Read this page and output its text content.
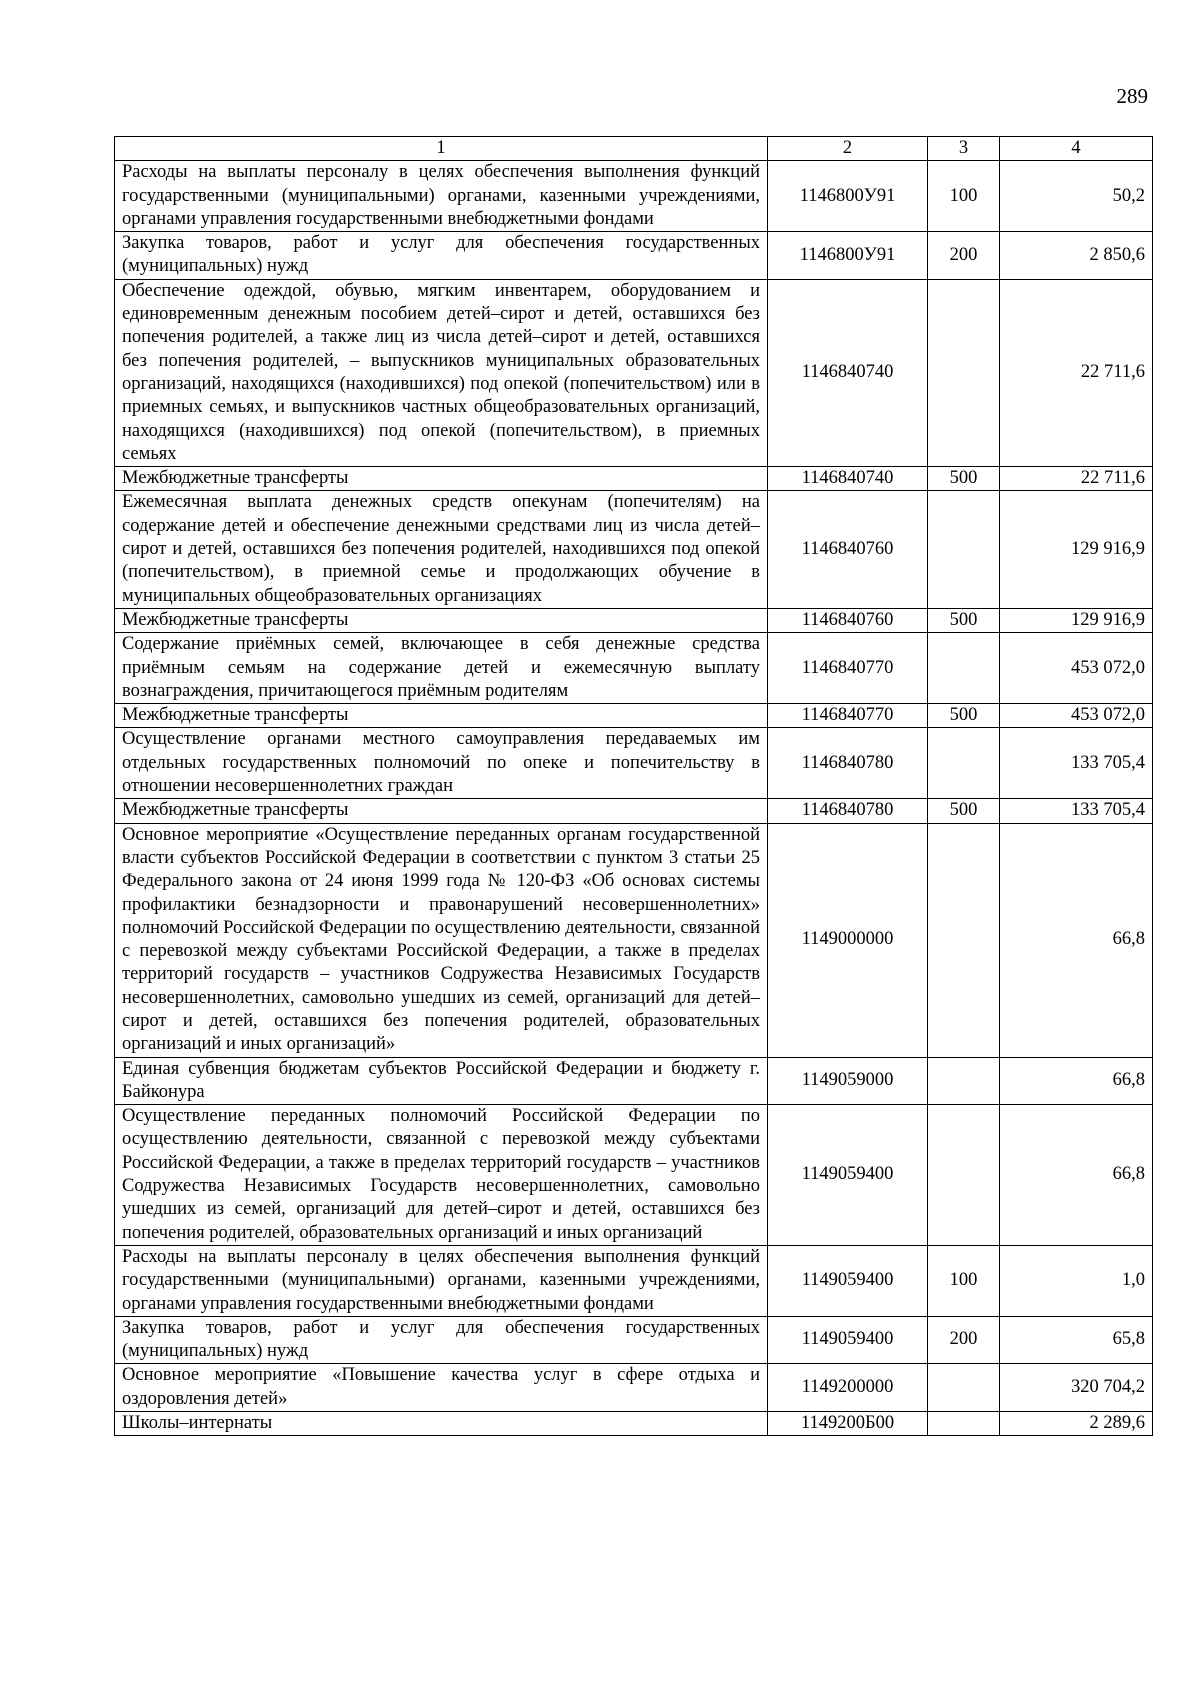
289
1	2	3	4
Расходы на выплаты персоналу в целях обеспечения выполнения функций государственными (муниципальными) органами, казенными учреждениями, органами управления государственными внебюджетными фондами	1146800У91	100	50,2
Закупка товаров, работ и услуг для обеспечения государственных (муниципальных) нужд	1146800У91	200	2 850,6
Обеспечение одеждой, обувью, мягким инвентарем, оборудованием и единовременным денежным пособием детей–сирот и детей, оставшихся без попечения родителей, а также лиц из числа детей–сирот и детей, оставшихся без попечения родителей, – выпускников муниципальных образовательных организаций, находящихся (находившихся) под опекой (попечительством) или в приемных семьях, и выпускников частных общеобразовательных организаций, находящихся (находившихся) под опекой (попечительством), в приемных семьях	1146840740		22 711,6
Межбюджетные трансферты	1146840740	500	22 711,6
Ежемесячная выплата денежных средств опекунам (попечителям) на содержание детей и обеспечение денежными средствами лиц из числа детей–сирот и детей, оставшихся без попечения родителей, находившихся под опекой (попечительством), в приемной семье и продолжающих обучение в муниципальных общеобразовательных организациях	1146840760		129 916,9
Межбюджетные трансферты	1146840760	500	129 916,9
Содержание приёмных семей, включающее в себя денежные средства приёмным семьям на содержание детей и ежемесячную выплату вознаграждения, причитающегося приёмным родителям	1146840770		453 072,0
Межбюджетные трансферты	1146840770	500	453 072,0
Осуществление органами местного самоуправления передаваемых им отдельных государственных полномочий по опеке и попечительству в отношении несовершеннолетних граждан	1146840780		133 705,4
Межбюджетные трансферты	1146840780	500	133 705,4
Основное мероприятие «Осуществление переданных органам государственной власти субъектов Российской Федерации в соответствии с пунктом 3 статьи 25 Федерального закона от 24 июня 1999 года № 120-ФЗ «Об основах системы профилактики безнадзорности и правонарушений несовершеннолетних» полномочий Российской Федерации по осуществлению деятельности, связанной с перевозкой между субъектами Российской Федерации, а также в пределах территорий государств – участников Содружества Независимых Государств несовершеннолетних, самовольно ушедших из семей, организаций для детей–сирот и детей, оставшихся без попечения родителей, образовательных организаций и иных организаций»	1149000000		66,8
Единая субвенция бюджетам субъектов Российской Федерации и бюджету г. Байконура	1149059000		66,8
Осуществление переданных полномочий Российской Федерации по осуществлению деятельности, связанной с перевозкой между субъектами Российской Федерации, а также в пределах территорий государств – участников Содружества Независимых Государств несовершеннолетних, самовольно ушедших из семей, организаций для детей–сирот и детей, оставшихся без попечения родителей, образовательных организаций и иных организаций	1149059400		66,8
Расходы на выплаты персоналу в целях обеспечения выполнения функций государственными (муниципальными) органами, казенными учреждениями, органами управления государственными внебюджетными фондами	1149059400	100	1,0
Закупка товаров, работ и услуг для обеспечения государственных (муниципальных) нужд	1149059400	200	65,8
Основное мероприятие «Повышение качества услуг в сфере отдыха и оздоровления детей»	1149200000		320 704,2
Школы–интернаты	1149200Б00		2 289,6
